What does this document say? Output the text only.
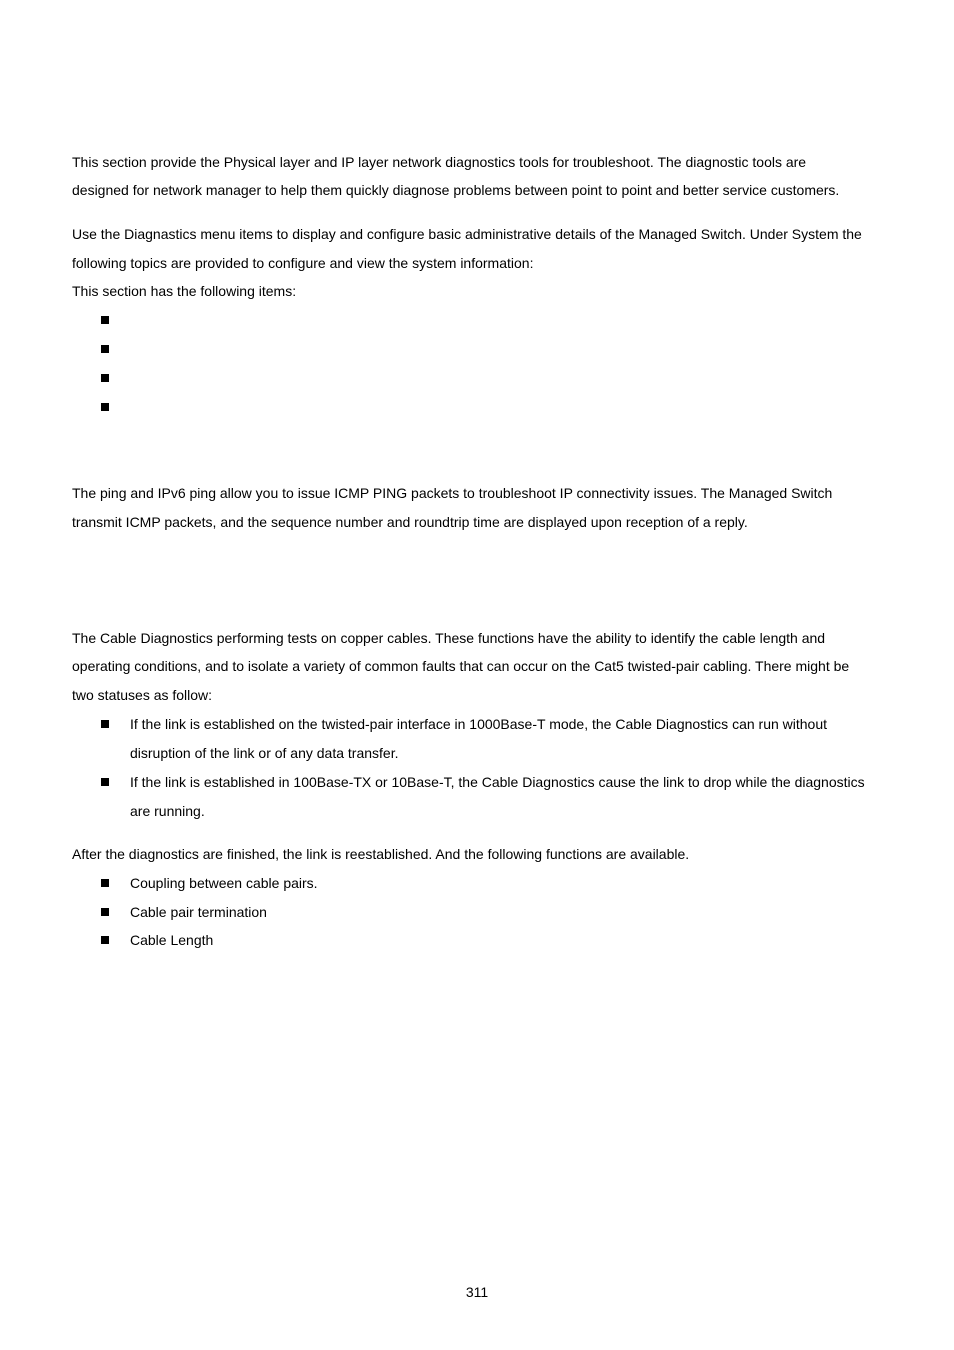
This section provide the Physical layer and IP layer network diagnostics tools for troubleshoot. The diagnostic tools are
designed for network manager to help them quickly diagnose problems between point to point and better service customers.
Use the Diagnastics menu items to display and configure basic administrative details of the Managed Switch. Under System the
following topics are provided to configure and view the system information:
This section has the following items:
The ping and IPv6 ping allow you to issue ICMP PING packets to troubleshoot IP connectivity issues. The Managed Switch
transmit ICMP packets, and the sequence number and roundtrip time are displayed upon reception of a reply.
The Cable Diagnostics performing tests on copper cables. These functions have the ability to identify the cable length and
operating conditions, and to isolate a variety of common faults that can occur on the Cat5 twisted-pair cabling. There might be
two statuses as follow:
If the link is established on the twisted-pair interface in 1000Base-T mode, the Cable Diagnostics can run without
disruption of the link or of any data transfer.
If the link is established in 100Base-TX or 10Base-T, the Cable Diagnostics cause the link to drop while the diagnostics
are running.
After the diagnostics are finished, the link is reestablished. And the following functions are available.
Coupling between cable pairs.
Cable pair termination
Cable Length
311
